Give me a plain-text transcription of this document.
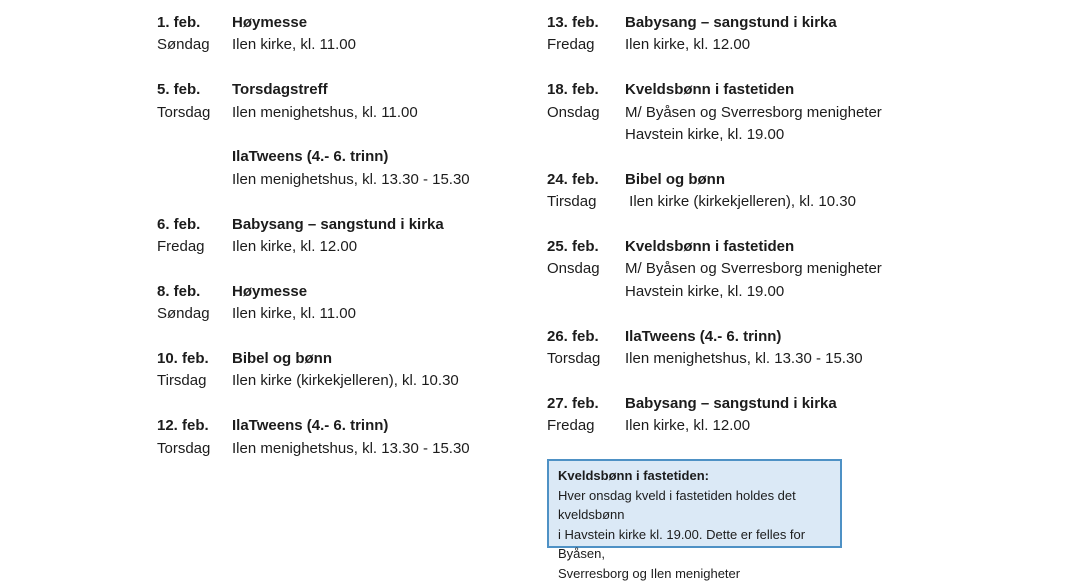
1. feb.
Søndag
Høymesse
Ilen kirke, kl. 11.00
5. feb.
Torsdag
Torsdagstreff
Ilen menighetshus, kl. 11.00
IlaTweens (4.- 6. trinn)
Ilen menighetshus, kl. 13.30 - 15.30
6. feb.
Fredag
Babysang – sangstund i kirka
Ilen kirke, kl. 12.00
8. feb.
Søndag
Høymesse
Ilen kirke, kl. 11.00
10. feb.
Tirsdag
Bibel og bønn
Ilen kirke (kirkekjelleren), kl. 10.30
12. feb.
Torsdag
IlaTweens (4.- 6. trinn)
Ilen menighetshus, kl. 13.30 - 15.30
13. feb.
Fredag
Babysang – sangstund i kirka
Ilen kirke, kl. 12.00
18. feb.
Onsdag
Kveldsbønn i fastetiden
M/ Byåsen og Sverresborg menigheter
Havstein kirke, kl. 19.00
24. feb.
Tirsdag
Bibel og bønn
Ilen kirke (kirkekjelleren), kl. 10.30
25. feb.
Onsdag
Kveldsbønn i fastetiden
M/ Byåsen og Sverresborg menigheter
Havstein kirke, kl. 19.00
26. feb.
Torsdag
IlaTweens (4.- 6. trinn)
Ilen menighetshus, kl. 13.30 - 15.30
27. feb.
Fredag
Babysang – sangstund i kirka
Ilen kirke, kl. 12.00
Kveldsbønn i fastetiden:
Hver onsdag kveld i fastetiden holdes det kveldsbønn
i Havstein kirke kl. 19.00. Dette er felles for Byåsen,
Sverresborg og Ilen menigheter
